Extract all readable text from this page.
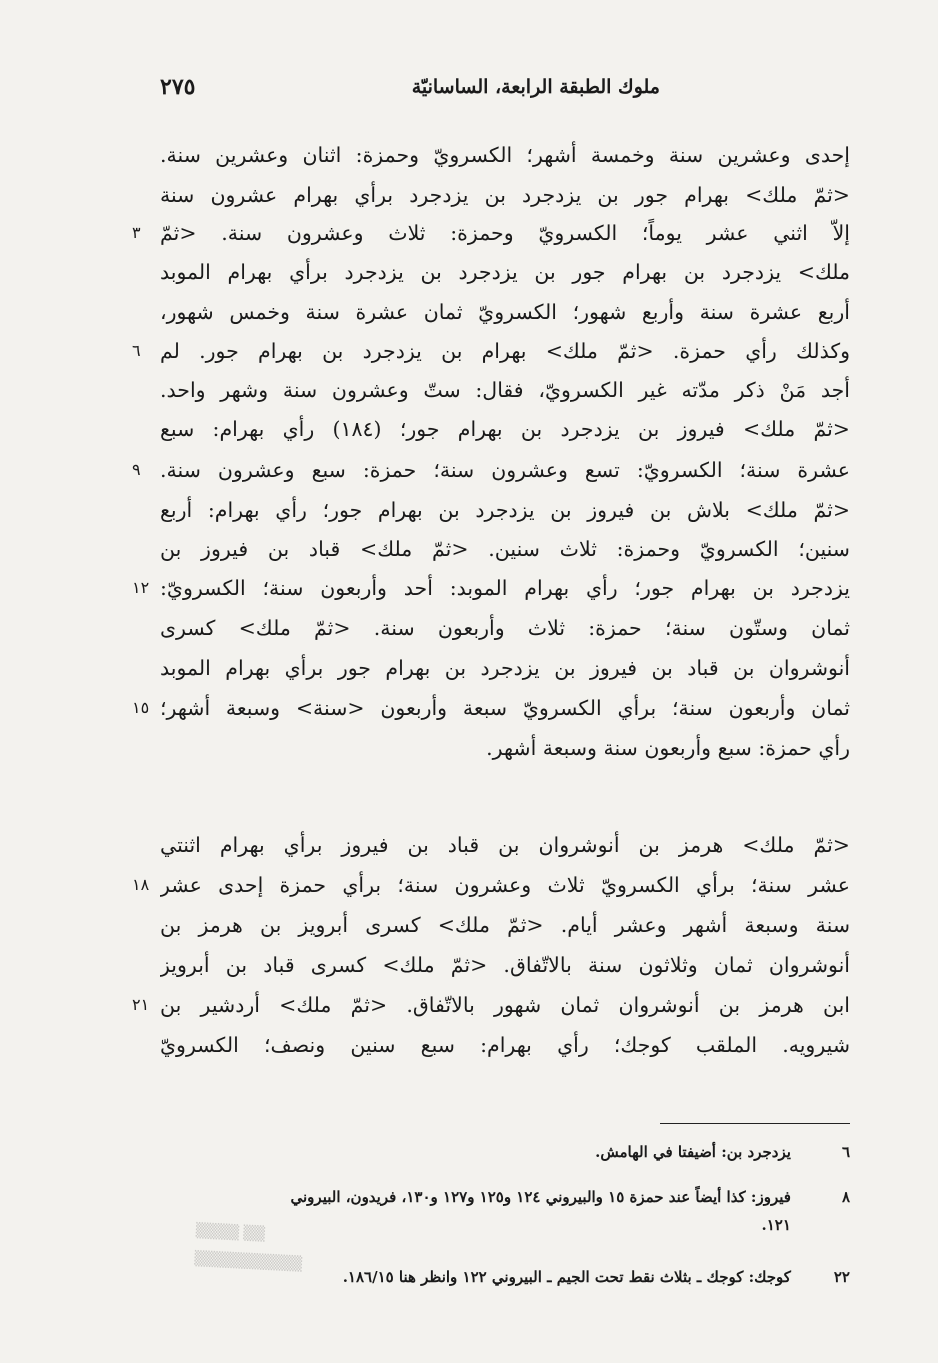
ملوك الطبقة الرابعة، الساسانيّة
٢٧٥
إحدى وعشرين سنة وخمسة أشهر؛ الكسرويّ وحمزة: اثنان وعشرين سنة.
<ثمّ ملك> بهرام جور بن يزدجرد بن يزدجرد برأي بهرام عشرون سنة
إلاّ اثني عشر يوماً؛ الكسرويّ وحمزة: ثلاث وعشرون سنة. <ثمّ
٣
ملك> يزدجرد بن بهرام جور بن يزدجرد بن يزدجرد برأي بهرام الموبد
أربع عشرة سنة وأربع شهور؛ الكسرويّ ثمان عشرة سنة وخمس شهور،
وكذلك رأي حمزة. <ثمّ ملك> بهرام بن يزدجرد بن بهرام جور. لم
٦
أجد مَنْ ذكر مدّته غير الكسرويّ، فقال: ستّ وعشرون سنة وشهر واحد.
<ثمّ ملك> فيروز بن يزدجرد بن بهرام جور؛ (١٨٤) رأي بهرام: سبع
عشرة سنة؛ الكسرويّ: تسع وعشرون سنة؛ حمزة: سبع وعشرون سنة.
٩
<ثمّ ملك> بلاش بن فيروز بن يزدجرد بن بهرام جور؛ رأي بهرام: أربع
سنين؛ الكسرويّ وحمزة: ثلاث سنين. <ثمّ ملك> قباد بن فيروز بن
يزدجرد بن بهرام جور؛ رأي بهرام الموبد: أحد وأربعون سنة؛ الكسرويّ:
١٢
ثمان وستّون سنة؛ حمزة: ثلاث وأربعون سنة. <ثمّ ملك> كسرى
أنوشروان بن قباد بن فيروز بن يزدجرد بن بهرام جور برأي بهرام الموبد
ثمان وأربعون سنة؛ برأي الكسرويّ سبعة وأربعون <سنة> وسبعة أشهر؛
١٥
رأي حمزة: سبع وأربعون سنة وسبعة أشهر.
<ثمّ ملك> هرمز بن أنوشروان بن قباد بن فيروز برأي بهرام اثنتي
عشر سنة؛ برأي الكسرويّ ثلاث وعشرون سنة؛ برأي حمزة إحدى عشر
١٨
سنة وسبعة أشهر وعشر أيام. <ثمّ ملك> كسرى أبرويز بن هرمز بن
أنوشروان ثمان وثلاثون سنة بالاتّفاق. <ثمّ ملك> كسرى قباد بن أبرويز
ابن هرمز بن أنوشروان ثمان شهور بالاتّفاق. <ثمّ ملك> أردشير بن
٢١
شيرويه. الملقب كوجك؛ رأي بهرام: سبع سنين ونصف؛ الكسرويّ
٦    يزدجرد بن: أضيفتا في الهامش.
٨    فيروز: كذا أيضاً عند حمزة ١٥ والبيروني ١٢٤ و١٢٥ و١٢٧ و١٣٠، فريدون، البيروني
١٢١.
٢٢    كوجك: كوجك ـ بثلاث نقط تحت الجيم ـ البيروني ١٢٢ وانظر هنا ١٨٦/١٥.
▒▒▒▒ ▒▒
▒▒▒▒▒▒▒▒▒▒
